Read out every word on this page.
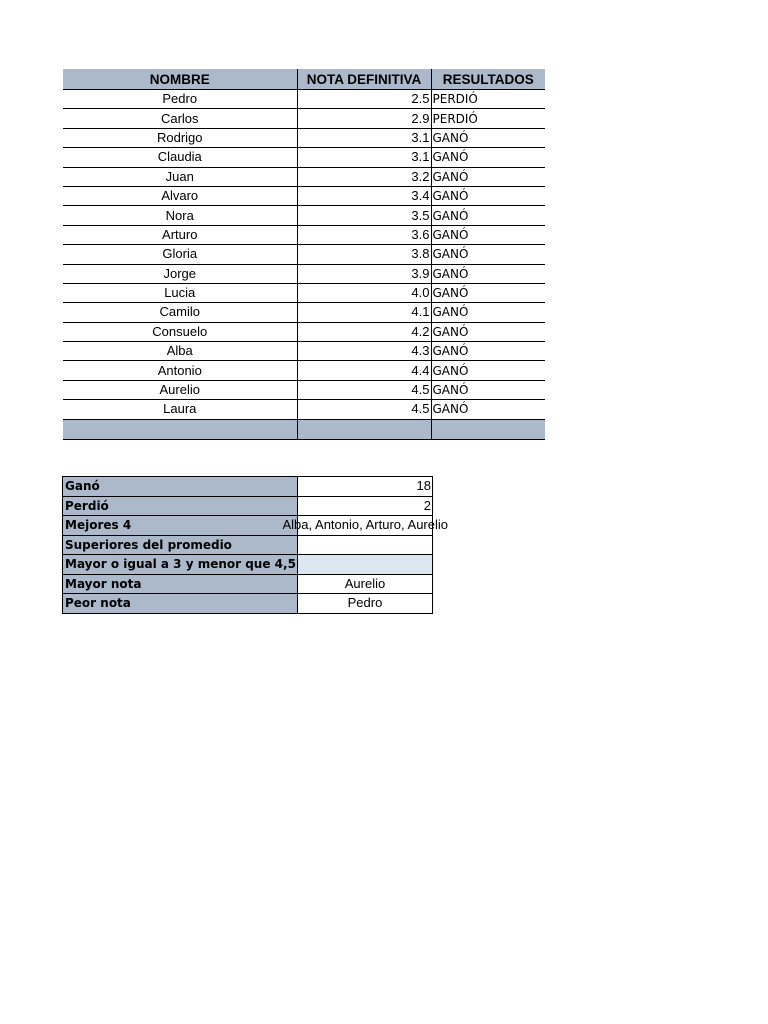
NOMBRE	NOTA DEFINITIVA	RESULTADOS
Pedro	2.5	PERDIÓ
Carlos	2.9	PERDIÓ
Rodrigo	3.1	GANÓ
Claudia	3.1	GANÓ
Juan	3.2	GANÓ
Alvaro	3.4	GANÓ
Nora	3.5	GANÓ
Arturo	3.6	GANÓ
Gloria	3.8	GANÓ
Jorge	3.9	GANÓ
Lucia	4.0	GANÓ
Camilo	4.1	GANÓ
Consuelo	4.2	GANÓ
Alba	4.3	GANÓ
Antonio	4.4	GANÓ
Aurelio	4.5	GANÓ
Laura	4.5	GANÓ

Ganó	18
Perdió	2
Mejores 4	Alba, Antonio, Arturo, Aurelio

Superiores del promedio	
Mayor o igual a 3 y menor que 4,5	
Mayor nota	Aurelio
Peor nota	Pedro
